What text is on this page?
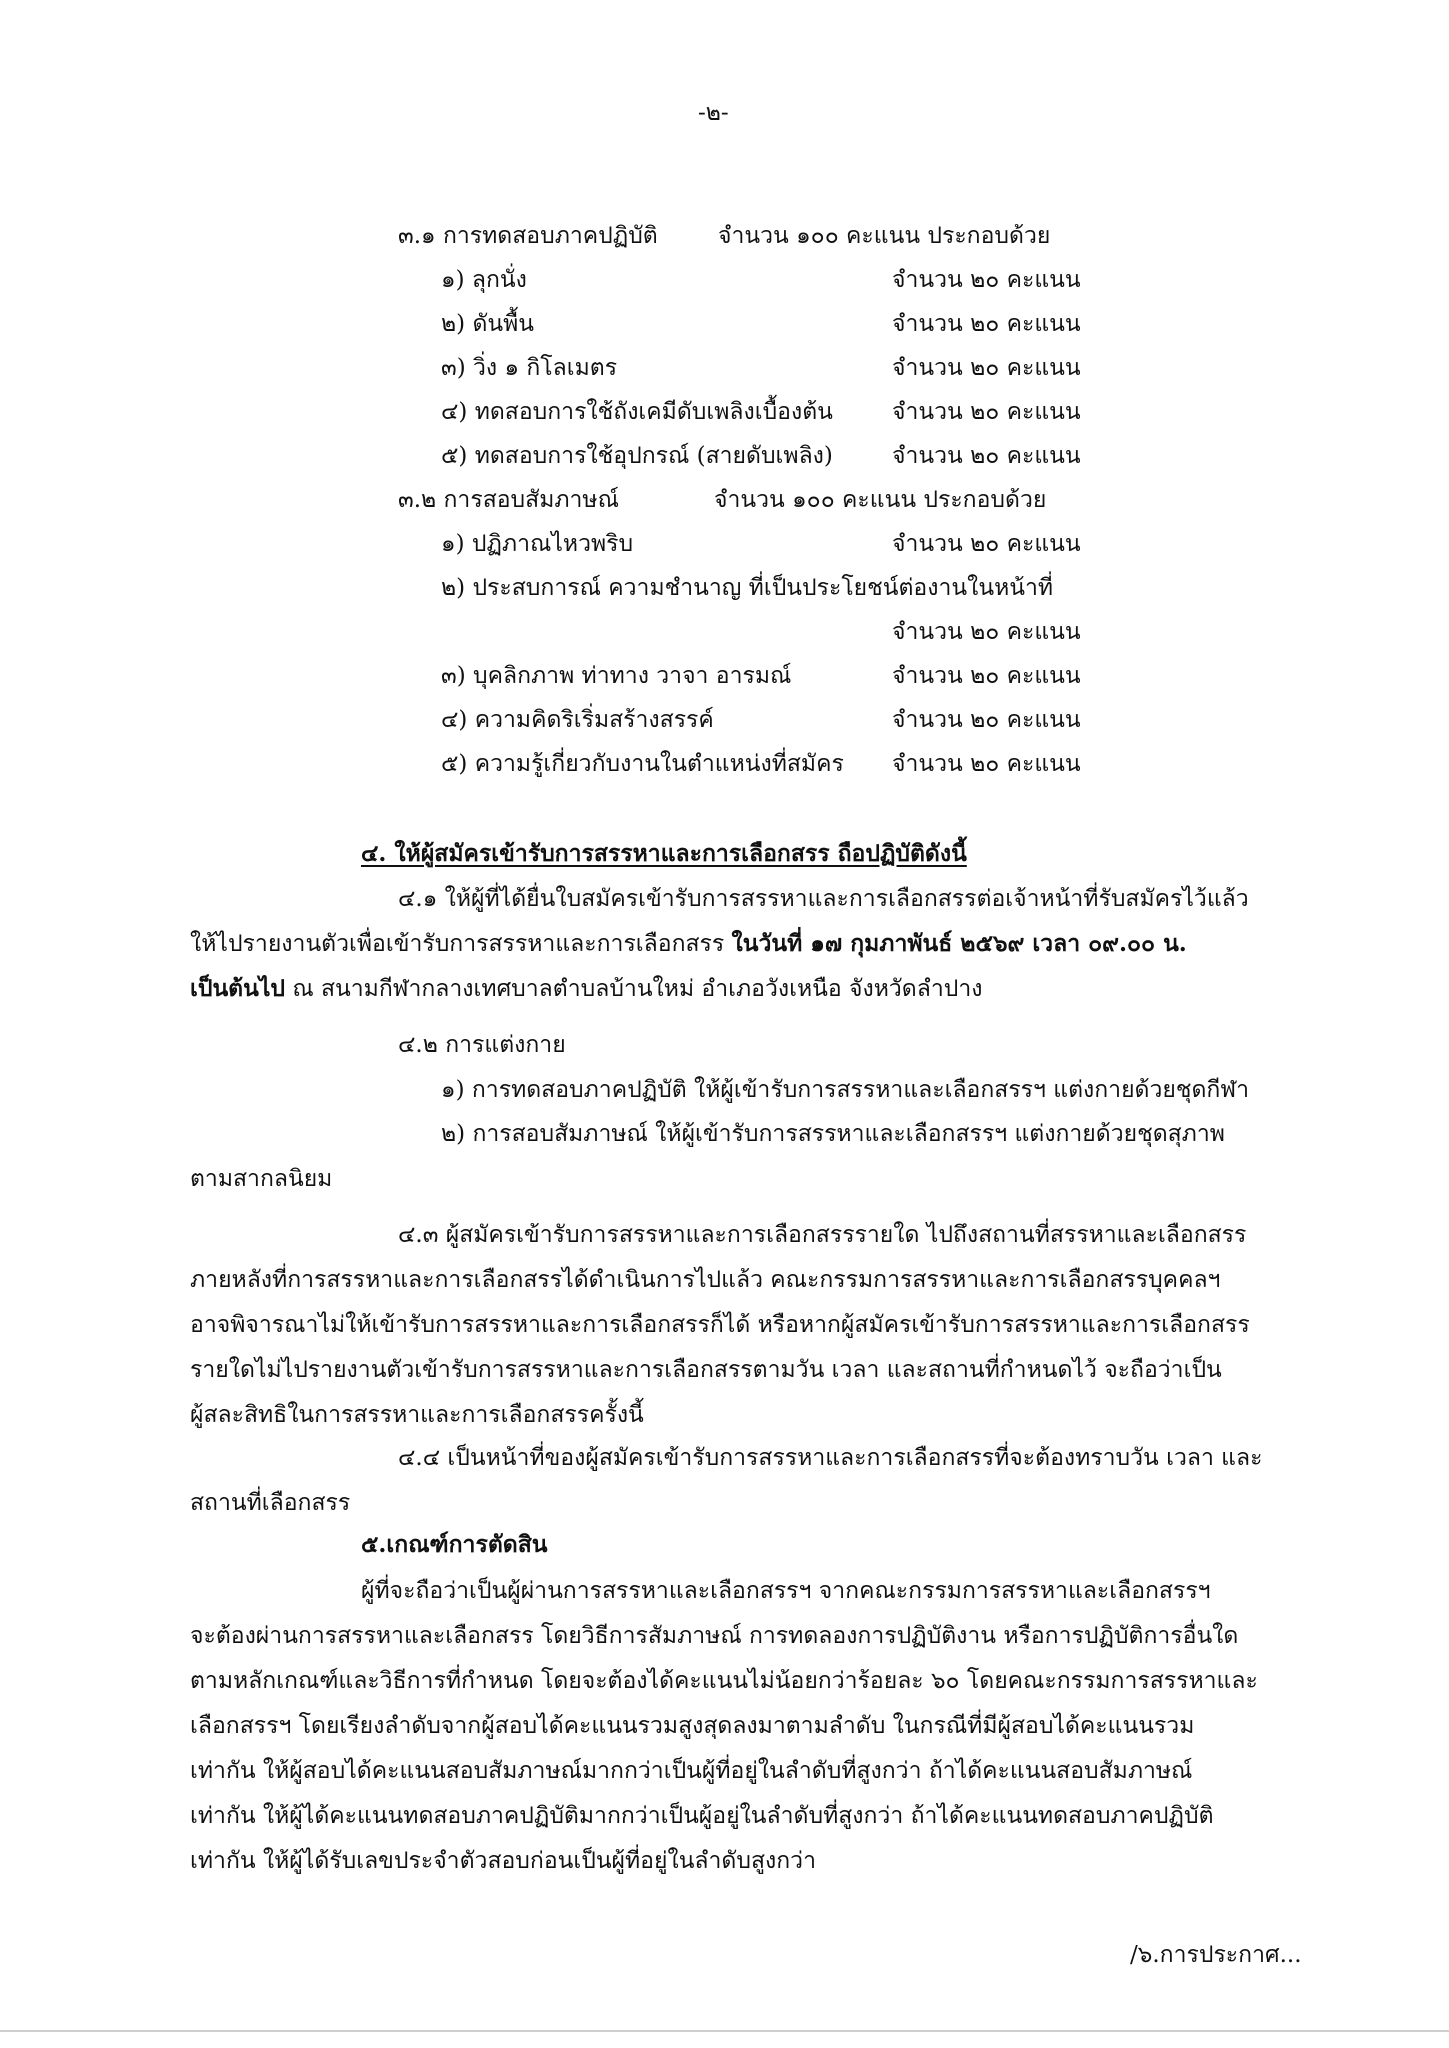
-๒-
๓.๑ การทดสอบภาคปฏิบัติ	จำนวน ๑๐๐ คะแนน ประกอบด้วย
๑) ลุกนั่ง	จำนวน ๒๐ คะแนน
๒) ดันพื้น	จำนวน ๒๐ คะแนน
๓) วิ่ง ๑ กิโลเมตร	จำนวน ๒๐ คะแนน
๔) ทดสอบการใช้ถังเคมีดับเพลิงเบื้องต้น	จำนวน ๒๐ คะแนน
๕) ทดสอบการใช้อุปกรณ์ (สายดับเพลิง)	จำนวน ๒๐ คะแนน
๓.๒ การสอบสัมภาษณ์	จำนวน ๑๐๐ คะแนน ประกอบด้วย
๑) ปฏิภาณไหวพริบ	จำนวน ๒๐ คะแนน
๒) ประสบการณ์ ความชำนาญ ที่เป็นประโยชน์ต่องานในหน้าที่
จำนวน ๒๐ คะแนน
๓) บุคลิกภาพ ท่าทาง วาจา อารมณ์	จำนวน ๒๐ คะแนน
๔) ความคิดริเริ่มสร้างสรรค์	จำนวน ๒๐ คะแนน
๕) ความรู้เกี่ยวกับงานในตำแหน่งที่สมัคร จำนวน ๒๐ คะแนน
๔. ให้ผู้สมัครเข้ารับการสรรหาและการเลือกสรร ถือปฏิบัติดังนี้
๔.๑ ให้ผู้ที่ได้ยื่นใบสมัครเข้ารับการสรรหาและการเลือกสรรต่อเจ้าหน้าที่รับสมัครไว้แล้ว
ให้ไปรายงานตัวเพื่อเข้ารับการสรรหาและการเลือกสรร ในวันที่ ๑๗ กุมภาพันธ์ ๒๕๖๙ เวลา ๐๙.๐๐ น.
เป็นต้นไป ณ สนามกีฬากลางเทศบาลตำบลบ้านใหม่ อำเภอวังเหนือ จังหวัดลำปาง
๔.๒ การแต่งกาย
๑) การทดสอบภาคปฏิบัติ ให้ผู้เข้ารับการสรรหาและเลือกสรรฯ แต่งกายด้วยชุดกีฬา
๒) การสอบสัมภาษณ์ ให้ผู้เข้ารับการสรรหาและเลือกสรรฯ แต่งกายด้วยชุดสุภาพ
ตามสากลนิยม
๔.๓ ผู้สมัครเข้ารับการสรรหาและการเลือกสรรรายใด ไปถึงสถานที่สรรหาและเลือกสรร
ภายหลังที่การสรรหาและการเลือกสรรได้ดำเนินการไปแล้ว คณะกรรมการสรรหาและการเลือกสรรบุคคลฯ
อาจพิจารณาไม่ให้เข้ารับการสรรหาและการเลือกสรรก็ได้ หรือหากผู้สมัครเข้ารับการสรรหาและการเลือกสรร
รายใดไม่ไปรายงานตัวเข้ารับการสรรหาและการเลือกสรรตามวัน เวลา และสถานที่กำหนดไว้ จะถือว่าเป็น
ผู้สละสิทธิในการสรรหาและการเลือกสรรครั้งนี้
๔.๔ เป็นหน้าที่ของผู้สมัครเข้ารับการสรรหาและการเลือกสรรที่จะต้องทราบวัน เวลา และ
สถานที่เลือกสรร
๕.เกณฑ์การตัดสิน
ผู้ที่จะถือว่าเป็นผู้ผ่านการสรรหาและเลือกสรรฯ จากคณะกรรมการสรรหาและเลือกสรรฯ
จะต้องผ่านการสรรหาและเลือกสรร โดยวิธีการสัมภาษณ์ การทดลองการปฏิบัติงาน หรือการปฏิบัติการอื่นใด
ตามหลักเกณฑ์และวิธีการที่กำหนด โดยจะต้องได้คะแนนไม่น้อยกว่าร้อยละ ๖๐ โดยคณะกรรมการสรรหาและ
เลือกสรรฯ โดยเรียงลำดับจากผู้สอบได้คะแนนรวมสูงสุดลงมาตามลำดับ ในกรณีที่มีผู้สอบได้คะแนนรวม
เท่ากัน ให้ผู้สอบได้คะแนนสอบสัมภาษณ์มากกว่าเป็นผู้ที่อยู่ในลำดับที่สูงกว่า ถ้าได้คะแนนสอบสัมภาษณ์
เท่ากัน ให้ผู้ได้คะแนนทดสอบภาคปฏิบัติมากกว่าเป็นผู้อยู่ในลำดับที่สูงกว่า ถ้าได้คะแนนทดสอบภาคปฏิบัติ
เท่ากัน ให้ผู้ได้รับเลขประจำตัวสอบก่อนเป็นผู้ที่อยู่ในลำดับสูงกว่า
/๖.การประกาศ...
